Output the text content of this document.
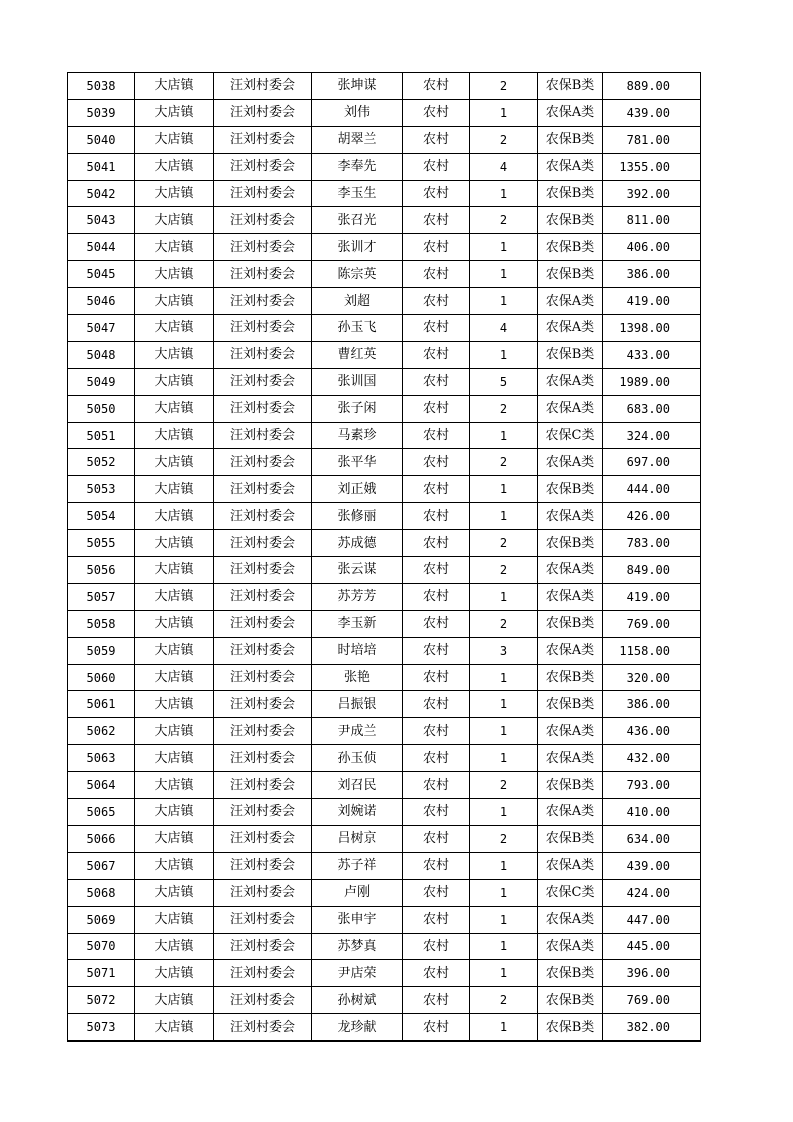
5038	大店镇	汪刘村委会	张坤谋	农村	2	农保B类	889.00
5039	大店镇	汪刘村委会	刘伟	农村	1	农保A类	439.00
5040	大店镇	汪刘村委会	胡翠兰	农村	2	农保B类	781.00
5041	大店镇	汪刘村委会	李奉先	农村	4	农保A类	1355.00
5042	大店镇	汪刘村委会	李玉生	农村	1	农保B类	392.00
5043	大店镇	汪刘村委会	张召光	农村	2	农保B类	811.00
5044	大店镇	汪刘村委会	张训才	农村	1	农保B类	406.00
5045	大店镇	汪刘村委会	陈宗英	农村	1	农保B类	386.00
5046	大店镇	汪刘村委会	刘超	农村	1	农保A类	419.00
5047	大店镇	汪刘村委会	孙玉飞	农村	4	农保A类	1398.00
5048	大店镇	汪刘村委会	曹红英	农村	1	农保B类	433.00
5049	大店镇	汪刘村委会	张训国	农村	5	农保A类	1989.00
5050	大店镇	汪刘村委会	张子闲	农村	2	农保A类	683.00
5051	大店镇	汪刘村委会	马素珍	农村	1	农保C类	324.00
5052	大店镇	汪刘村委会	张平华	农村	2	农保A类	697.00
5053	大店镇	汪刘村委会	刘正娥	农村	1	农保B类	444.00
5054	大店镇	汪刘村委会	张修丽	农村	1	农保A类	426.00
5055	大店镇	汪刘村委会	苏成德	农村	2	农保B类	783.00
5056	大店镇	汪刘村委会	张云谋	农村	2	农保A类	849.00
5057	大店镇	汪刘村委会	苏芳芳	农村	1	农保A类	419.00
5058	大店镇	汪刘村委会	李玉新	农村	2	农保B类	769.00
5059	大店镇	汪刘村委会	时培培	农村	3	农保A类	1158.00
5060	大店镇	汪刘村委会	张艳	农村	1	农保B类	320.00
5061	大店镇	汪刘村委会	吕振银	农村	1	农保B类	386.00
5062	大店镇	汪刘村委会	尹成兰	农村	1	农保A类	436.00
5063	大店镇	汪刘村委会	孙玉侦	农村	1	农保A类	432.00
5064	大店镇	汪刘村委会	刘召民	农村	2	农保B类	793.00
5065	大店镇	汪刘村委会	刘婉诺	农村	1	农保A类	410.00
5066	大店镇	汪刘村委会	吕树京	农村	2	农保B类	634.00
5067	大店镇	汪刘村委会	苏子祥	农村	1	农保A类	439.00
5068	大店镇	汪刘村委会	卢刚	农村	1	农保C类	424.00
5069	大店镇	汪刘村委会	张申宇	农村	1	农保A类	447.00
5070	大店镇	汪刘村委会	苏梦真	农村	1	农保A类	445.00
5071	大店镇	汪刘村委会	尹店荣	农村	1	农保B类	396.00
5072	大店镇	汪刘村委会	孙树斌	农村	2	农保B类	769.00
5073	大店镇	汪刘村委会	龙珍献	农村	1	农保B类	382.00
